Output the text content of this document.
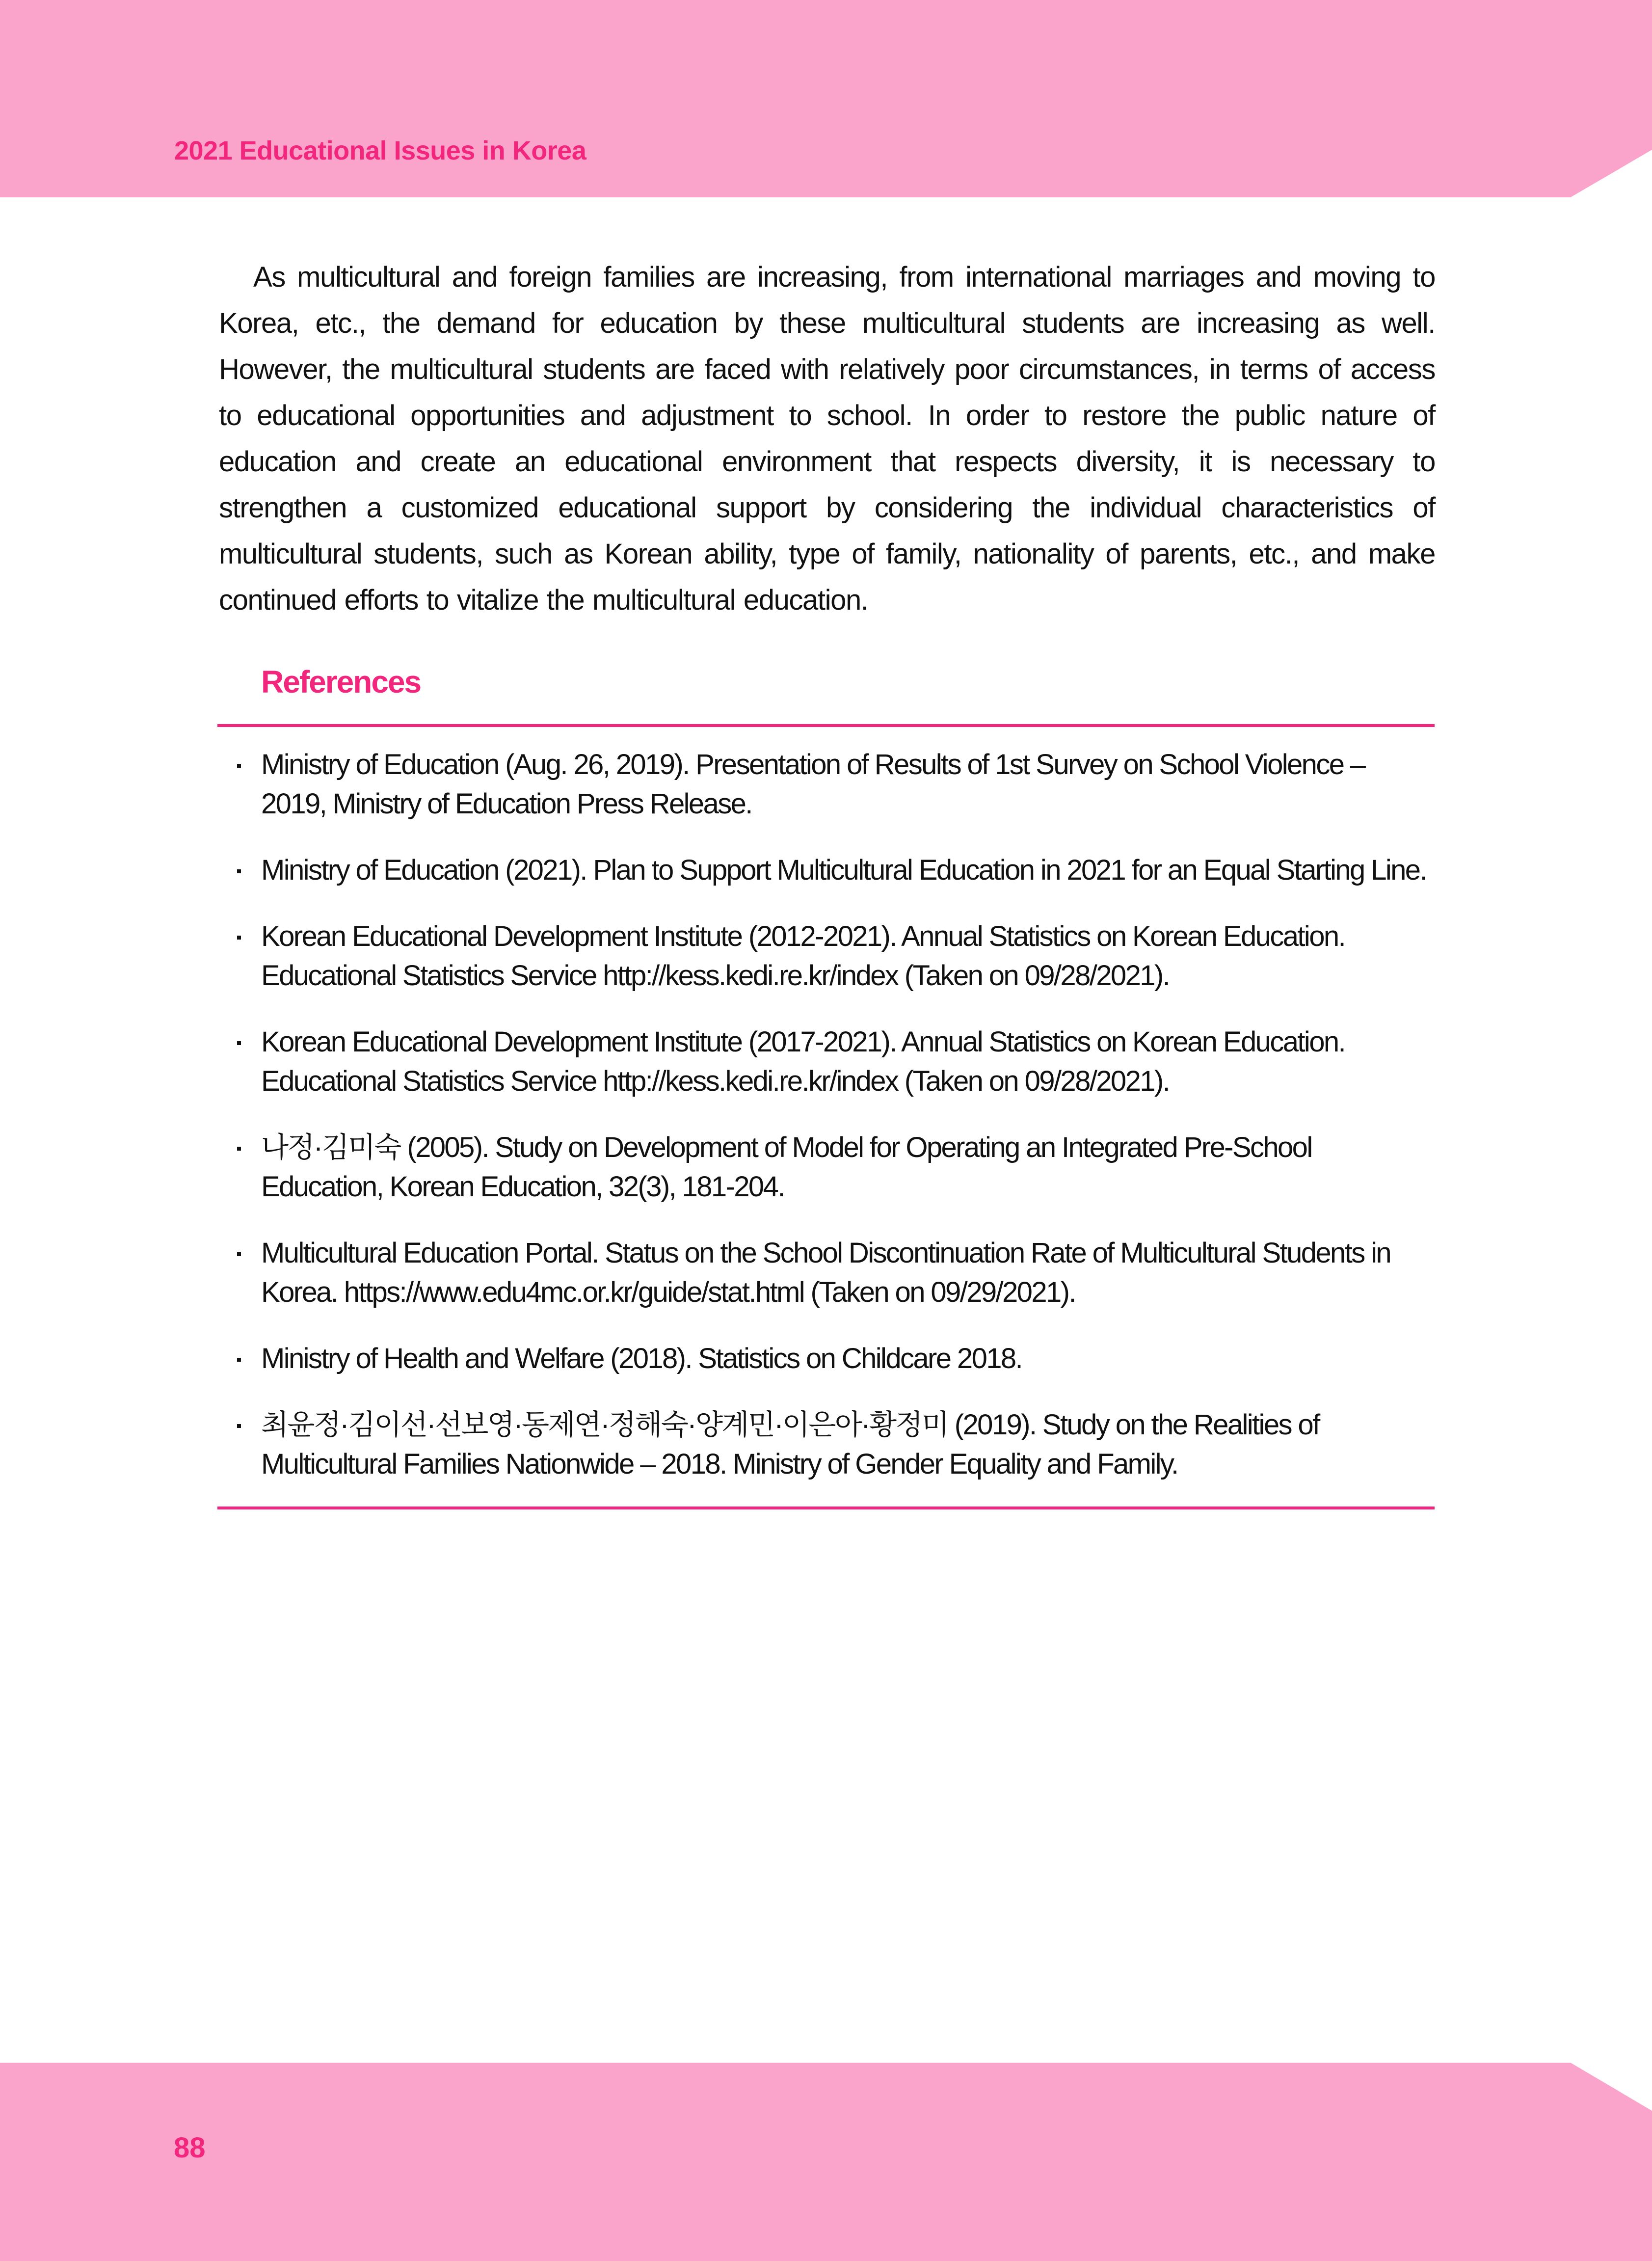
2021 Educational Issues in Korea

As multicultural and foreign families are increasing, from international marriages and moving to Korea, etc., the demand for education by these multicultural students are increasing as well. However, the multicultural students are faced with relatively poor circumstances, in terms of access to educational opportunities and adjustment to school. In order to restore the public nature of education and create an educational environment that respects diversity, it is necessary to strengthen a customized educational support by considering the individual characteristics of multicultural students, such as Korean ability, type of family, nationality of parents, etc., and make continued efforts to vitalize the multicultural education.

References
Ministry of Education (Aug. 26, 2019). Presentation of Results of 1st Survey on School Violence – 2019, Ministry of Education Press Release.
Ministry of Education (2021). Plan to Support Multicultural Education in 2021 for an Equal Starting Line.
Korean Educational Development Institute (2012-2021). Annual Statistics on Korean Education. Educational Statistics Service http://kess.kedi.re.kr/index (Taken on 09/28/2021).
Korean Educational Development Institute (2017-2021). Annual Statistics on Korean Education. Educational Statistics Service http://kess.kedi.re.kr/index (Taken on 09/28/2021).
나정·김미숙 (2005). Study on Development of Model for Operating an Integrated Pre-School Education, Korean Education, 32(3), 181-204.
Multicultural Education Portal. Status on the School Discontinuation Rate of Multicultural Students in Korea. https://www.edu4mc.or.kr/guide/stat.html (Taken on 09/29/2021).
Ministry of Health and Welfare (2018). Statistics on Childcare 2018.
최윤정·김이선·선보영·동제연·정해숙·양계민·이은아·황정미 (2019). Study on the Realities of Multicultural Families Nationwide – 2018. Ministry of Gender Equality and Family.
88
